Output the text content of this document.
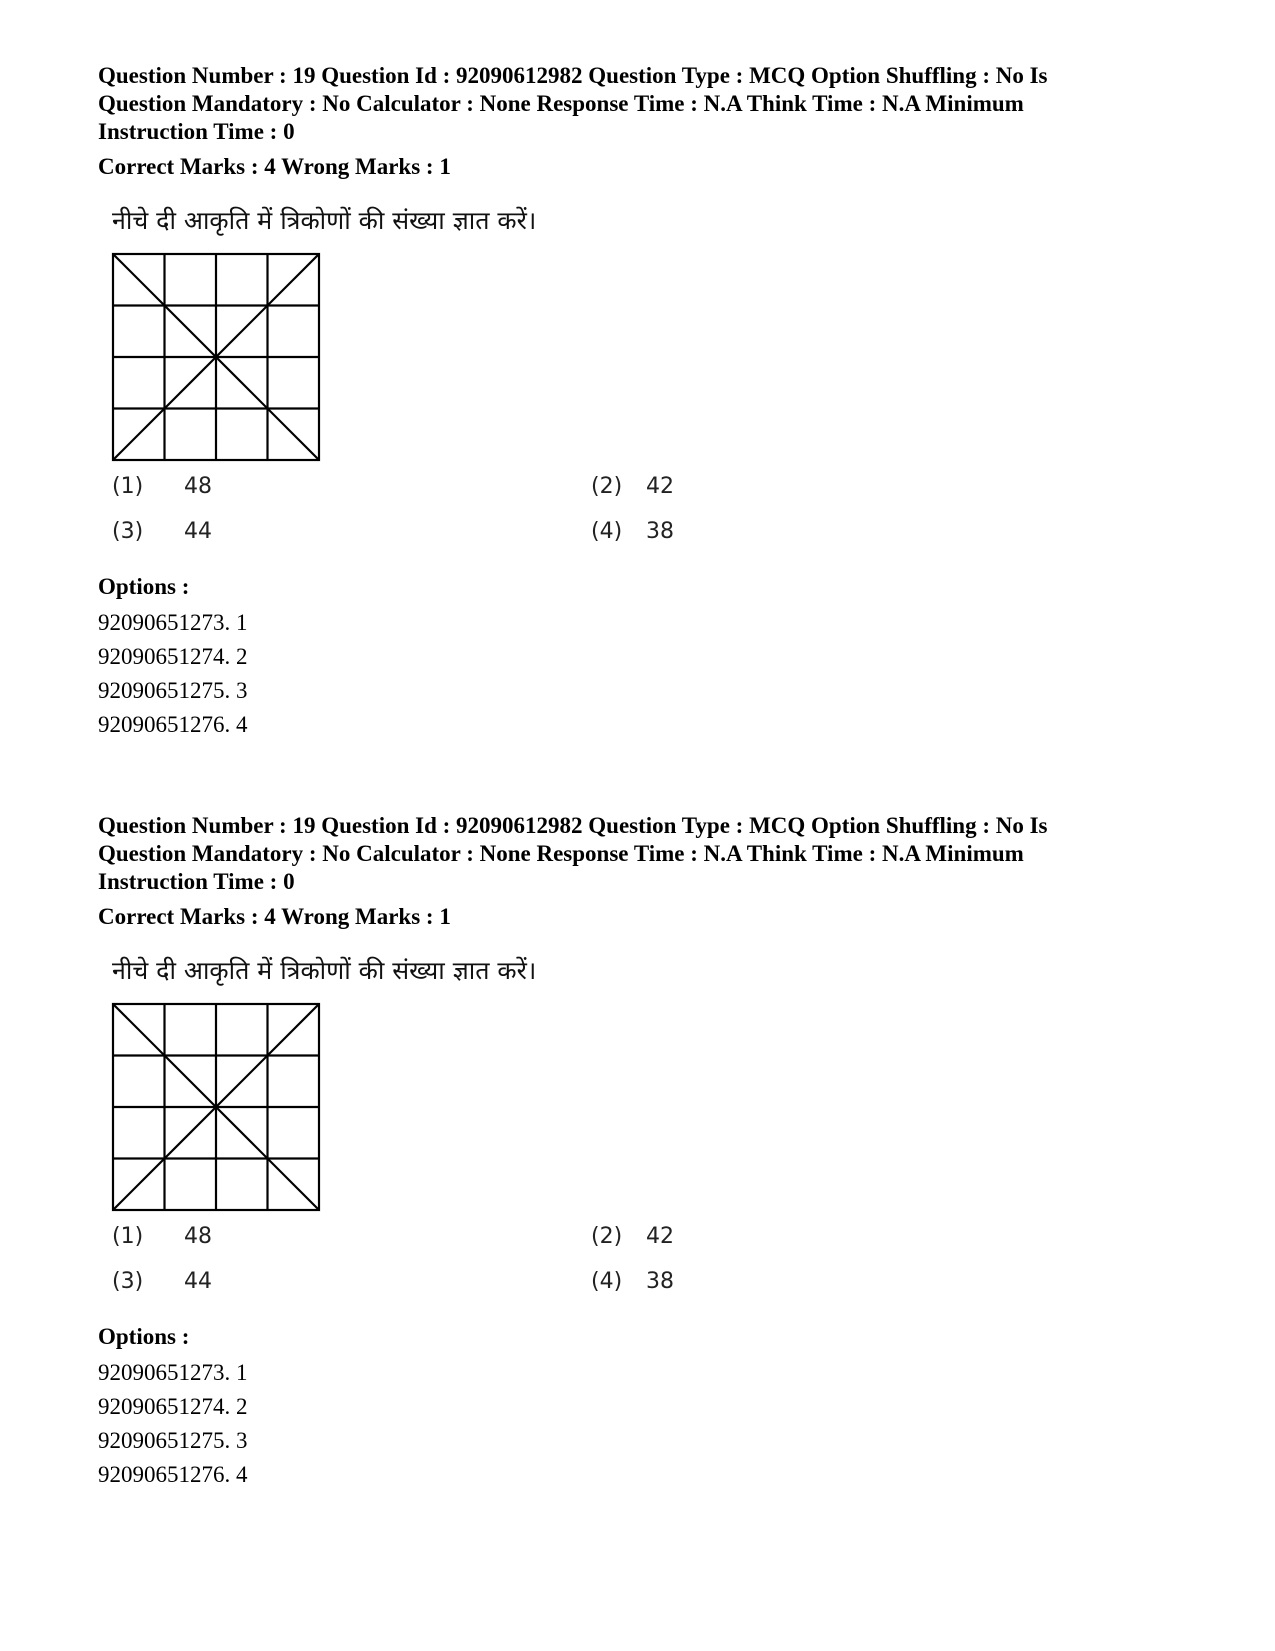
Question Number : 19 Question Id : 92090612982 Question Type : MCQ Option Shuffling : No Is
Question Mandatory : No Calculator : None Response Time : N.A Think Time : N.A Minimum
Instruction Time : 0
Correct Marks : 4 Wrong Marks : 1
नीचे दी आकृति में त्रिकोणों की संख्या ज्ञात करें।
(1) 48	(2) 42
(3) 44	(4) 38
Options :
92090651273. 1
92090651274. 2
92090651275. 3
92090651276. 4
Question Number : 19 Question Id : 92090612982 Question Type : MCQ Option Shuffling : No Is
Question Mandatory : No Calculator : None Response Time : N.A Think Time : N.A Minimum
Instruction Time : 0
Correct Marks : 4 Wrong Marks : 1
नीचे दी आकृति में त्रिकोणों की संख्या ज्ञात करें।
(1) 48	(2) 42
(3) 44	(4) 38
Options :
92090651273. 1
92090651274. 2
92090651275. 3
92090651276. 4
